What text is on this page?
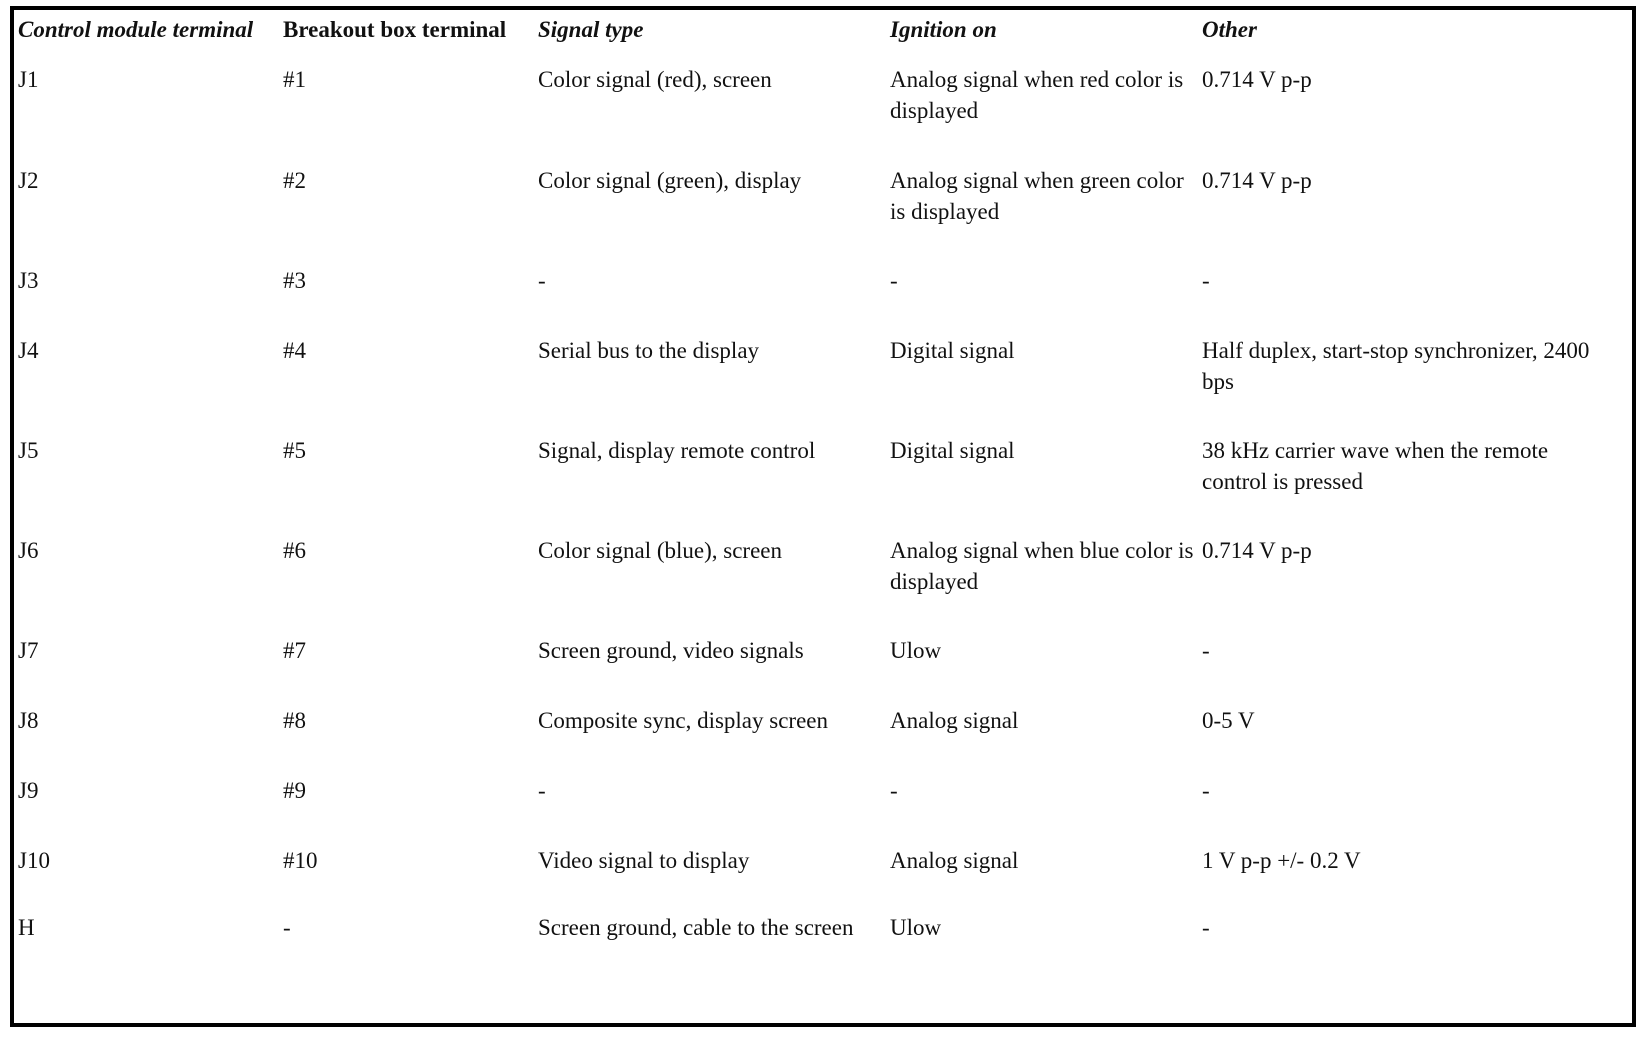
Control module terminal	Breakout box terminal	Signal type	Ignition on	Other
J1	#1	Color signal (red), screen	Analog signal when red color is displayed	0.714 V p-p
J2	#2	Color signal (green), display	Analog signal when green color is displayed	0.714 V p-p
J3	#3	-	-	-
J4	#4	Serial bus to the display	Digital signal	Half duplex, start-stop synchronizer, 2400 bps
J5	#5	Signal, display remote control	Digital signal	38 kHz carrier wave when the remote control is pressed
J6	#6	Color signal (blue), screen	Analog signal when blue color is displayed	0.714 V p-p
J7	#7	Screen ground, video signals	Ulow	-
J8	#8	Composite sync, display screen	Analog signal	0-5 V
J9	#9	-	-	-
J10	#10	Video signal to display	Analog signal	1 V p-p +/- 0.2 V
H	-	Screen ground, cable to the screen	Ulow	-
